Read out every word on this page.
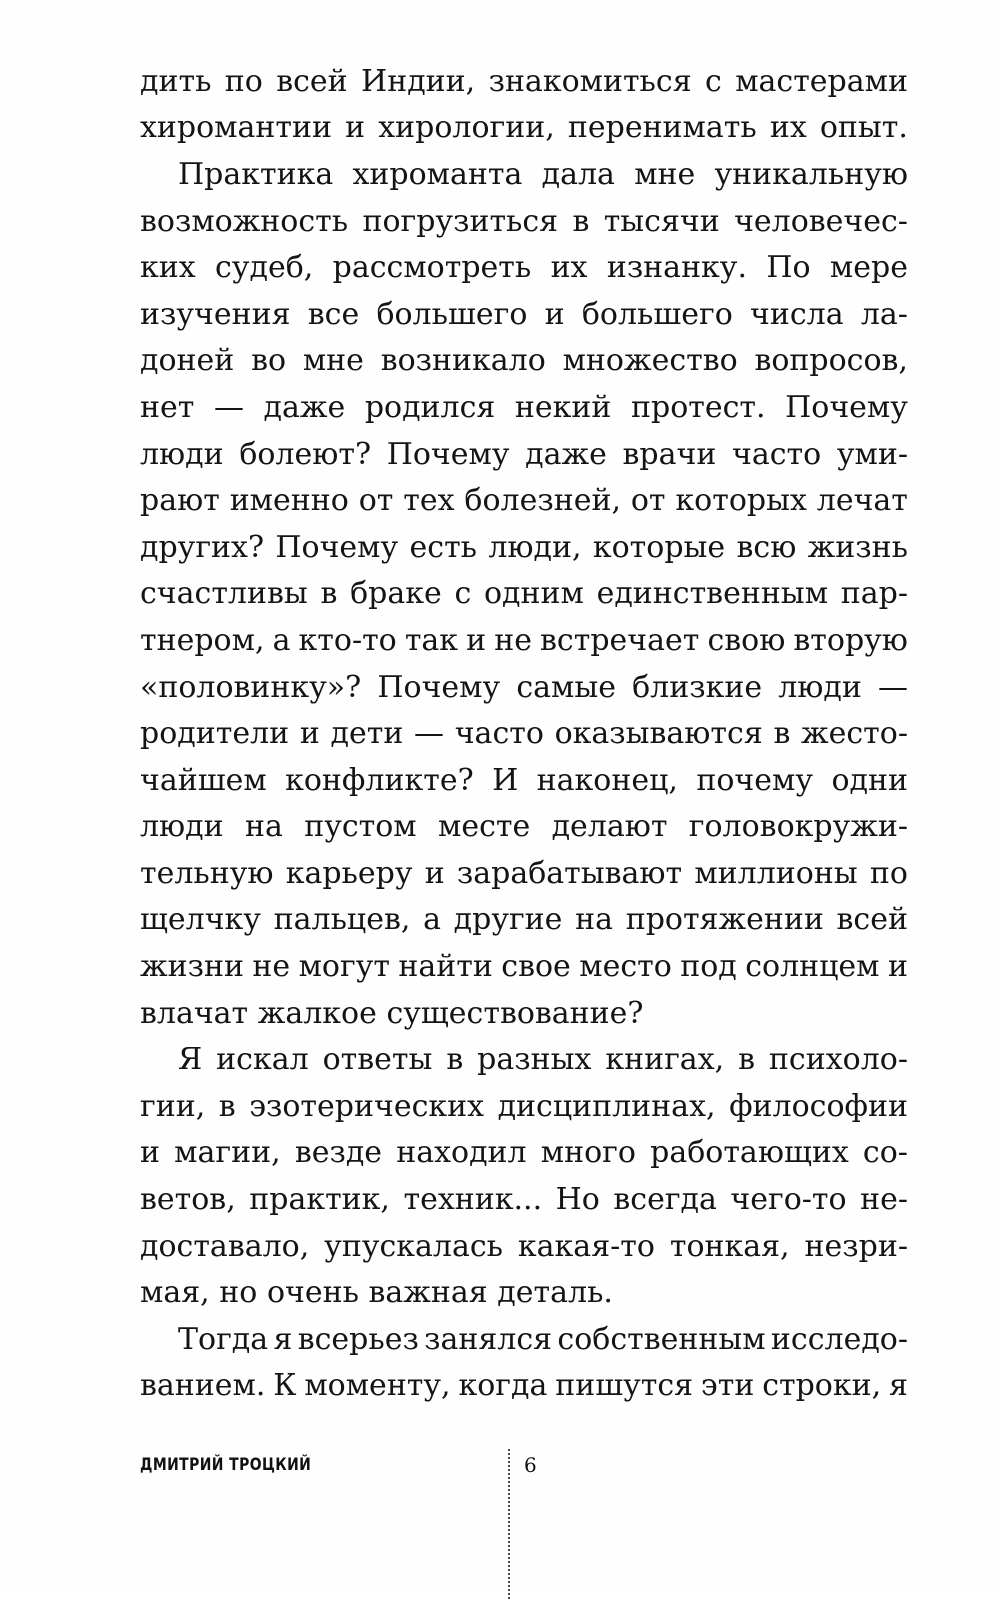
дить по всей Индии, знакомиться с мастерами
хиромантии и хирологии, перенимать их опыт.
Практика хироманта дала мне уникальную
возможность погрузиться в тысячи человечес-
ких судеб, рассмотреть их изнанку. По мере
изучения все большего и большего числа ла-
доней во мне возникало множество вопросов,
нет — даже родился некий протест. Почему
люди болеют? Почему даже врачи часто уми-
рают именно от тех болезней, от которых лечат
других? Почему есть люди, которые всю жизнь
счастливы в браке с одним единственным пар-
тнером, а кто-то так и не встречает свою вторую
«половинку»? Почему самые близкие люди —
родители и дети — часто оказываются в жесто-
чайшем конфликте? И наконец, почему одни
люди на пустом месте делают головокружи-
тельную карьеру и зарабатывают миллионы по
щелчку пальцев, а другие на протяжении всей
жизни не могут найти свое место под солнцем и
влачат жалкое существование?
Я искал ответы в разных книгах, в психоло-
гии, в эзотерических дисциплинах, философии
и магии, везде находил много работающих со-
ветов, практик, техник... Но всегда чего-то не-
доставало, упускалась какая-то тонкая, незри-
мая, но очень важная деталь.
Тогда я всерьез занялся собственным исследо-
ванием. К моменту, когда пишутся эти строки, я
ДМИТРИЙ ТРОЦКИЙ	6
